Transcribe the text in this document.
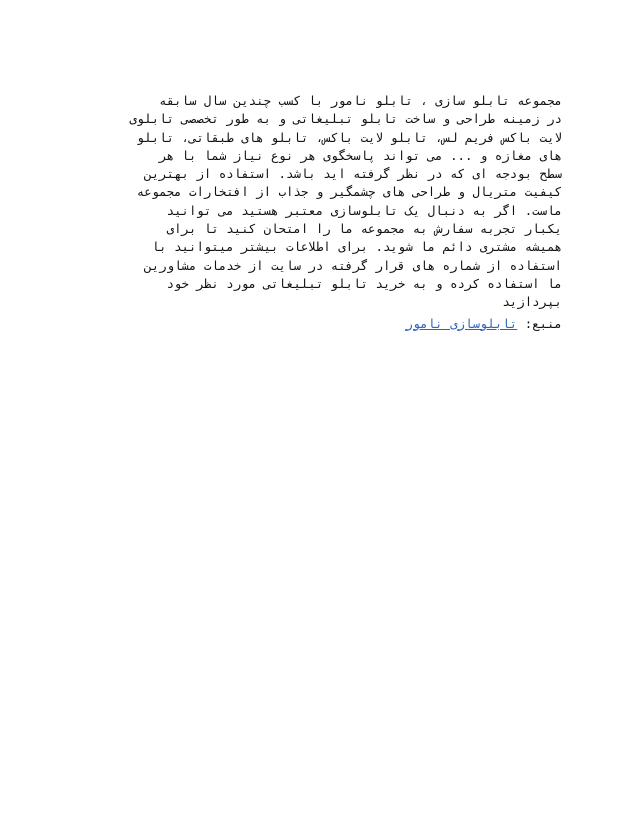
مجموعه تابلو سازی ، تابلو نامور با کسب چندین سال سابقه
در زمینه طراحی و ساخت تابلو تبلیغاتی و به طور تخصصی تابلوی
لایت باکس فریم لس، تابلو لایت باکس، تابلو های طبقاتی، تابلو
های مغازه و ... می تواند پاسخگوی هر نوع نیاز شما با هر
سطح بودجه ای که در نظر گرفته اید باشد. استفاده از بهترین
کیفیت متریال و طراحی های چشمگیر و جذاب از افتخارات مجموعه
ماست. اگر به دنبال یک تابلوسازی معتبر هستید می توانید
یکبار تجربه سفارش به مجموعه ما را امتحان کنید تا برای
همیشه مشتری دائم ما شوید. برای اطلاعات بیشتر میتوانید با
استفاده از شماره های قرار گرفته در سایت از خدمات مشاورین
ما استفاده کرده و به خرید تابلو تبلیغاتی مورد نظر خود
بپردازید
منبع: تابلوسازی نامور
